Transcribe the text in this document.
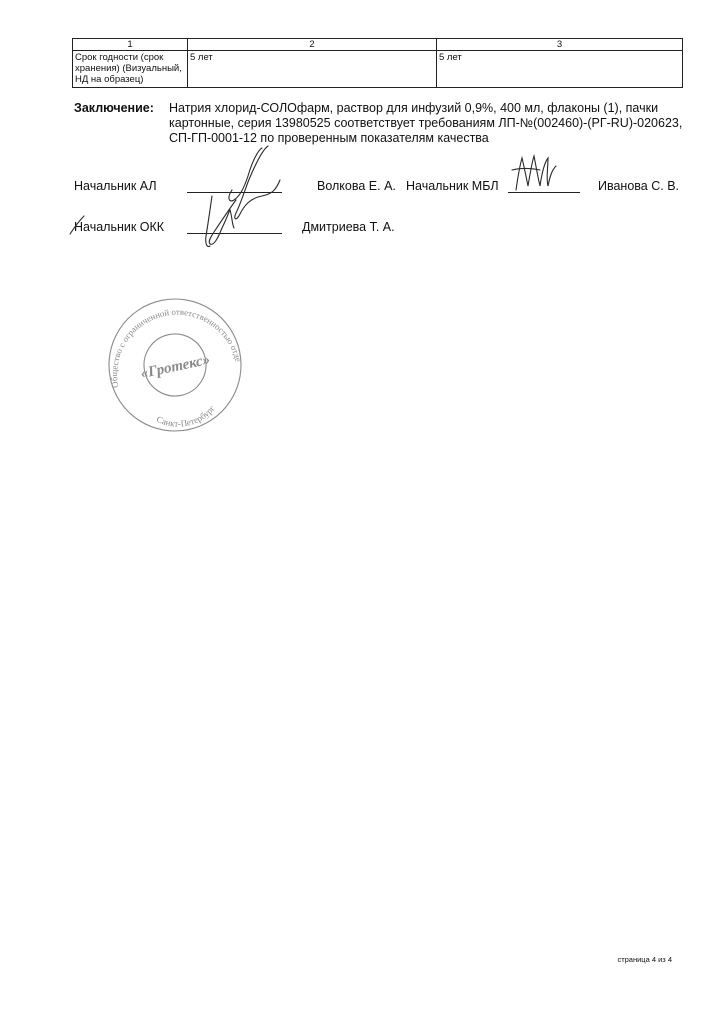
1	2	3
Срок годности (срок хранения) (Визуальный, НД на образец)	5 лет	5 лет
Заключение: Натрия хлорид-СОЛОфарм, раствор для инфузий 0,9%, 400 мл, флаконы (1), пачки картонные, серия 13980525 соответствует требованиям ЛП-№(002460)-(РГ-RU)-020623, СП-ГП-0001-12 по проверенным показателям качества
Начальник АЛ	Волкова Е. А. Начальник МБЛ	Иванова С. В.
Начальник ОКК	Дмитриева Т. А.
Общество с ограниченной ответственностью отдел
Санкт-Петербург
«Гротекс»
страница 4 из 4
